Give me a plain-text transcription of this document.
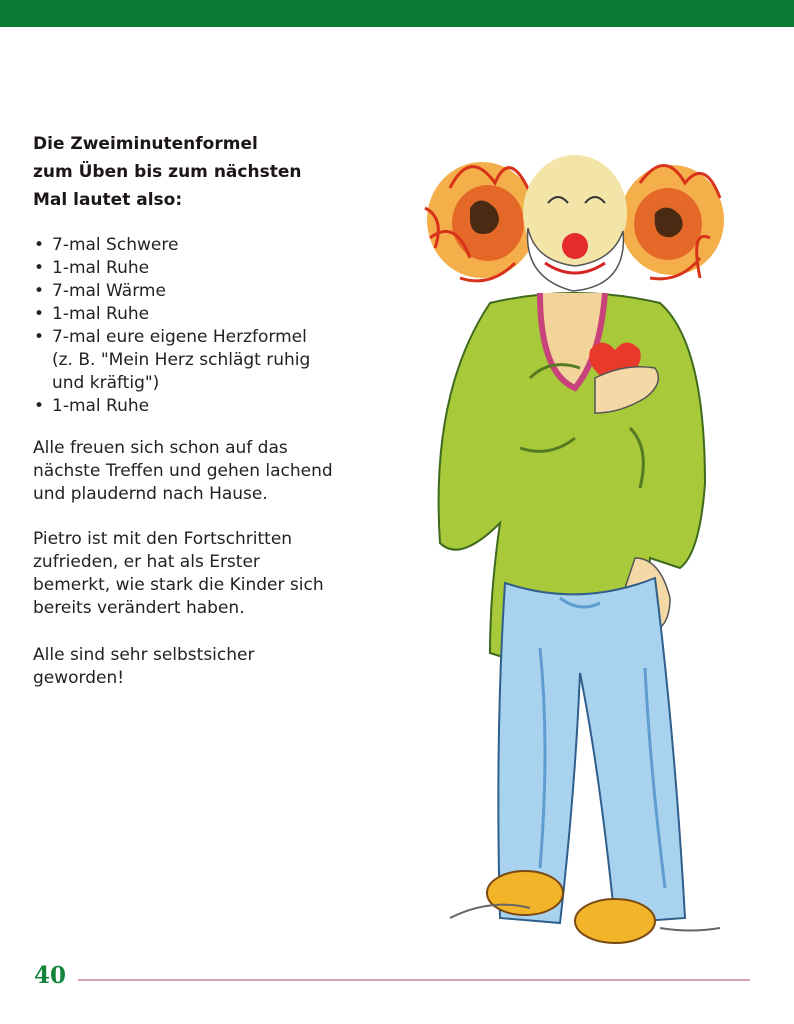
Die Zweiminutenformel
zum Üben bis zum nächsten
Mal lautet also:
• 7-mal Schwere
• 1-mal Ruhe
• 7-mal Wärme
• 1-mal Ruhe
• 7-mal eure eigene Herzformel
(z. B. "Mein Herz schlägt ruhig
und kräftig")
• 1-mal Ruhe
Alle freuen sich schon auf das
nächste Treffen und gehen lachend
und plaudernd nach Hause.
Pietro ist mit den Fortschritten
zufrieden, er hat als Erster
bemerkt, wie stark die Kinder sich
bereits verändert haben.
Alle sind sehr selbstsicher
geworden!
40
